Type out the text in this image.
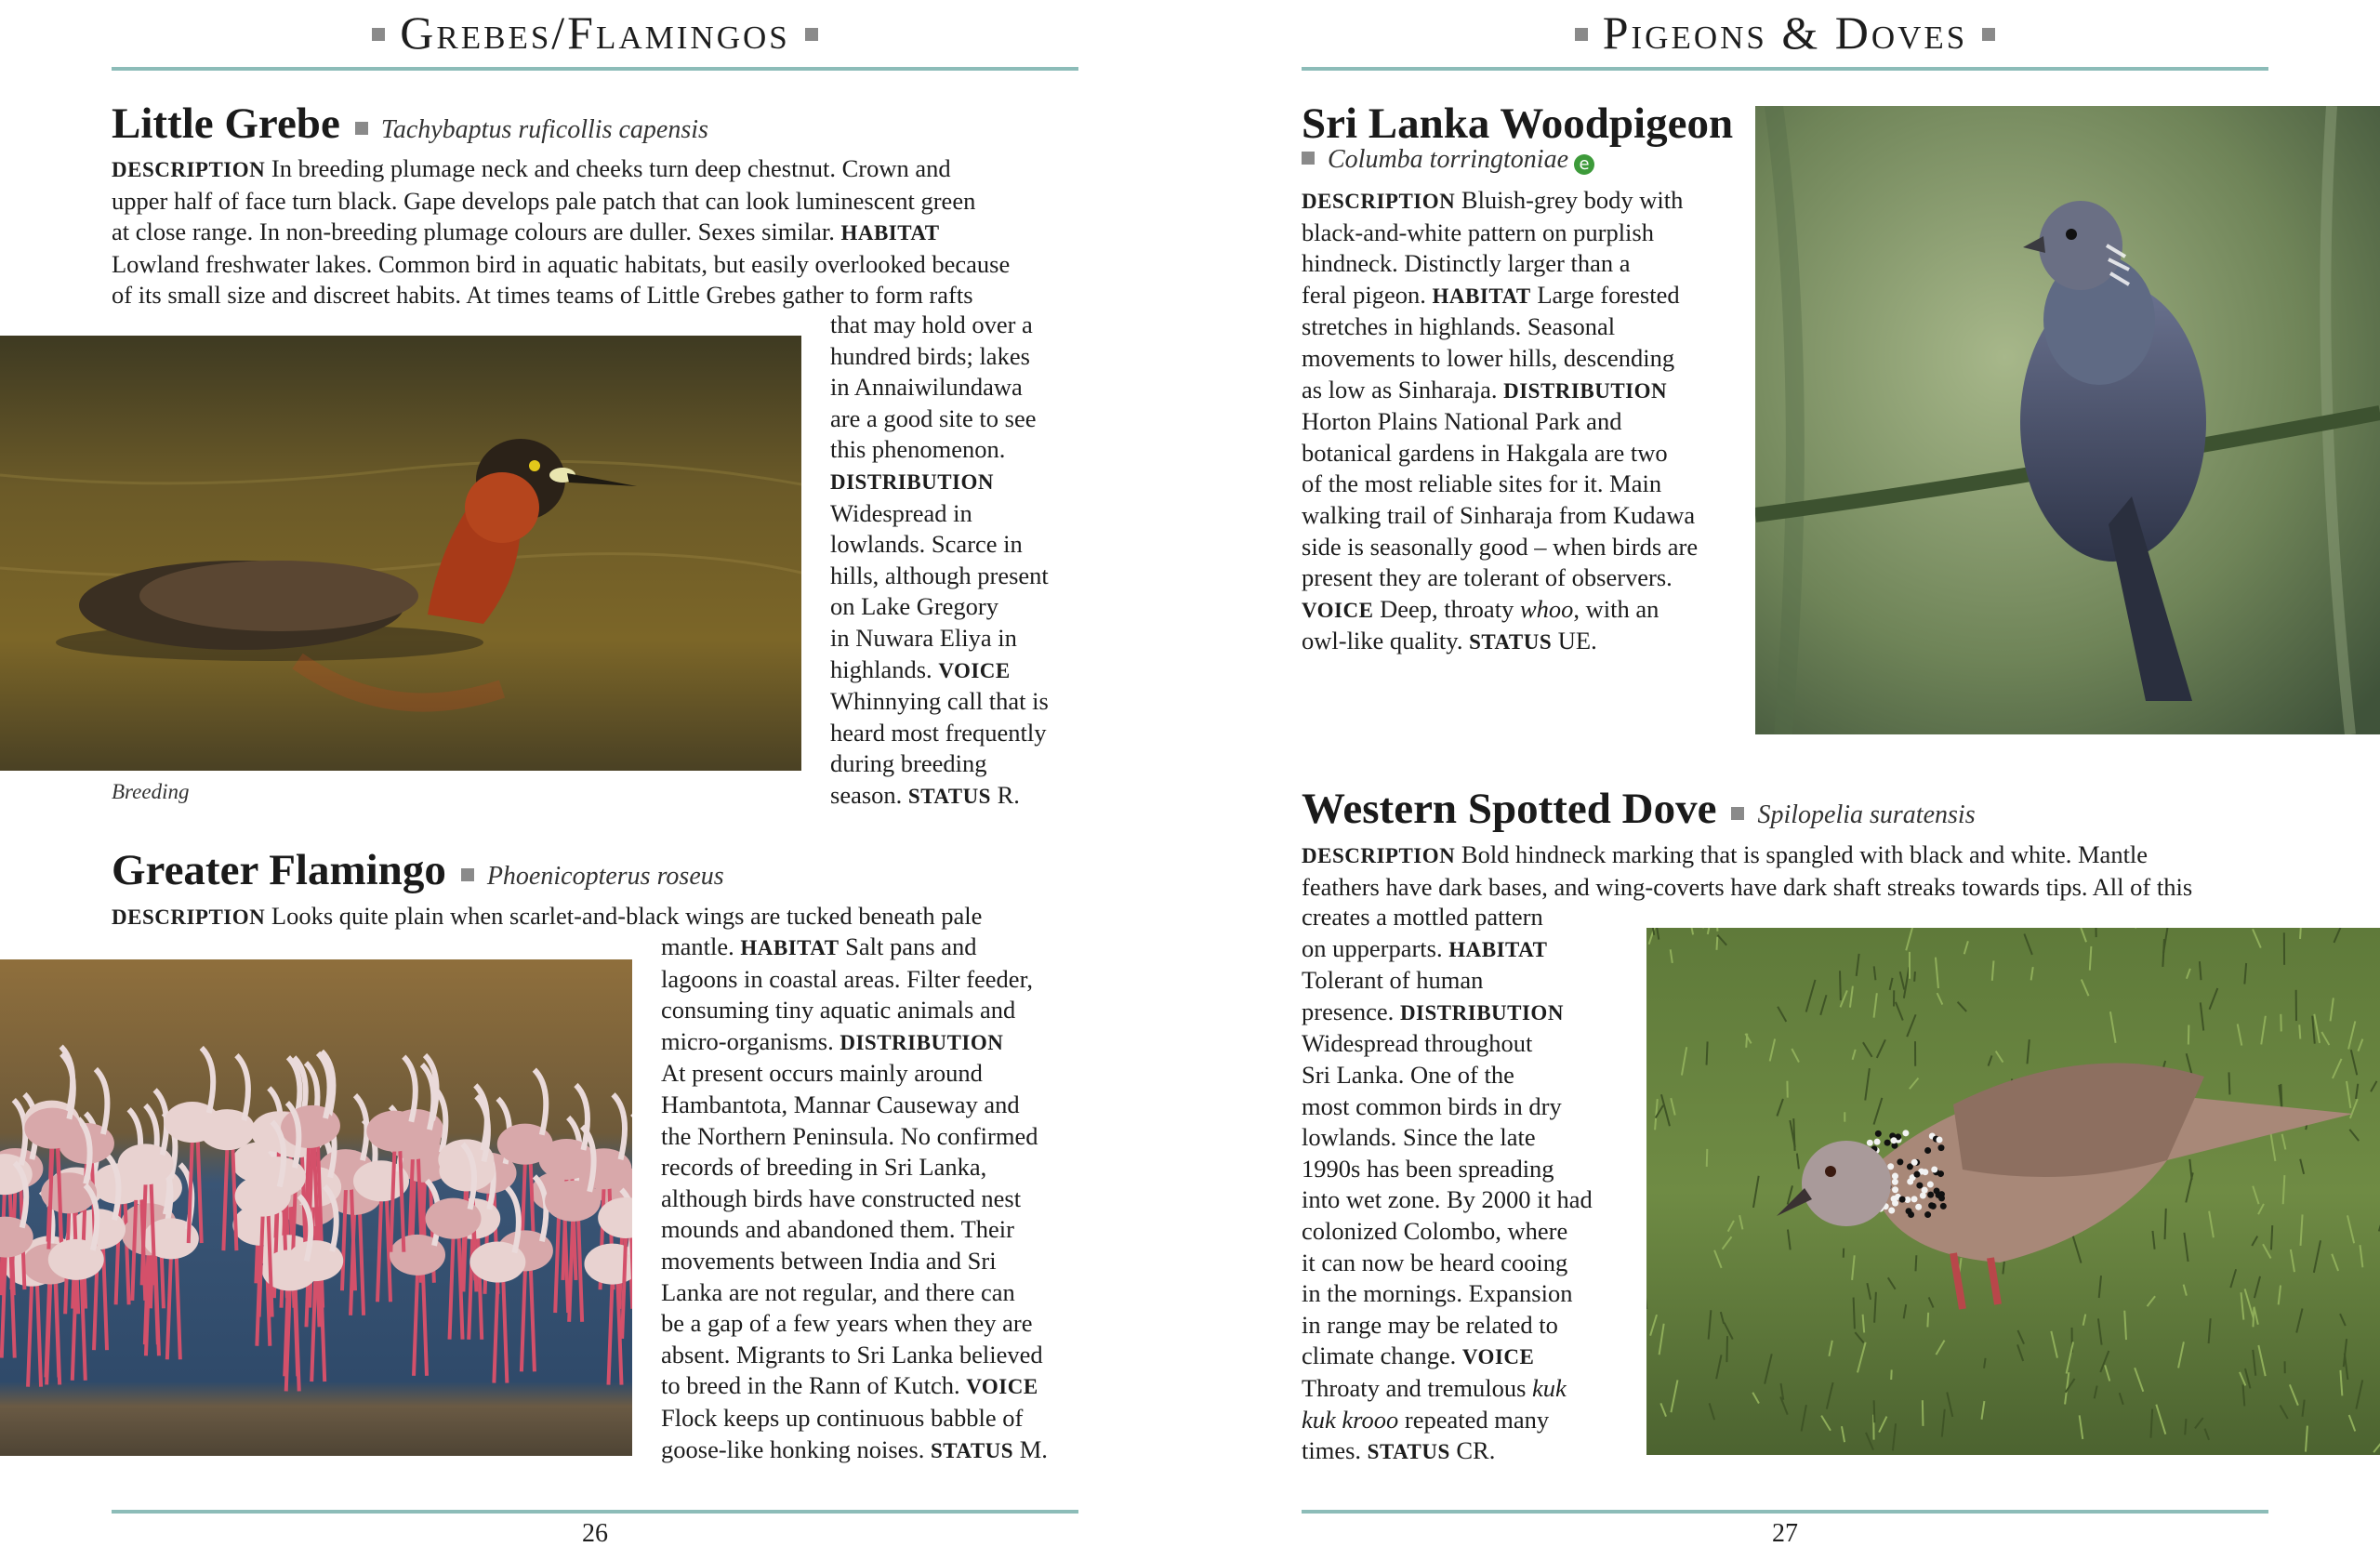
Grebes/Flamingos
Little Grebe Tachybaptus ruficollis capensis
DESCRIPTION In breeding plumage neck and cheeks turn deep chestnut. Crown and
upper half of face turn black. Gape develops pale patch that can look luminescent green
at close range. In non-breeding plumage colours are duller. Sexes similar. HABITAT
Lowland freshwater lakes. Common bird in aquatic habitats, but easily overlooked because
of its small size and discreet habits. At times teams of Little Grebes gather to form rafts
Breeding
that may hold over a
hundred birds; lakes
in Annaiwilundawa
are a good site to see
this phenomenon.
DISTRIBUTION
Widespread in
lowlands. Scarce in
hills, although present
on Lake Gregory
in Nuwara Eliya in
highlands. VOICE
Whinnying call that is
heard most frequently
during breeding
season. STATUS R.
Greater Flamingo Phoenicopterus roseus
DESCRIPTION Looks quite plain when scarlet-and-black wings are tucked beneath pale
mantle. HABITAT Salt pans and
lagoons in coastal areas. Filter feeder,
consuming tiny aquatic animals and
micro-organisms. DISTRIBUTION
At present occurs mainly around
Hambantota, Mannar Causeway and
the Northern Peninsula. No confirmed
records of breeding in Sri Lanka,
although birds have constructed nest
mounds and abandoned them. Their
movements between India and Sri
Lanka are not regular, and there can
be a gap of a few years when they are
absent. Migrants to Sri Lanka believed
to breed in the Rann of Kutch. VOICE
Flock keeps up continuous babble of
goose-like honking noises. STATUS M.
26
Pigeons & Doves
Sri Lanka Woodpigeon
Columba torringtoniae e
DESCRIPTION Bluish-grey body with
black-and-white pattern on purplish
hindneck. Distinctly larger than a
feral pigeon. HABITAT Large forested
stretches in highlands. Seasonal
movements to lower hills, descending
as low as Sinharaja. DISTRIBUTION
Horton Plains National Park and
botanical gardens in Hakgala are two
of the most reliable sites for it. Main
walking trail of Sinharaja from Kudawa
side is seasonally good – when birds are
present they are tolerant of observers.
VOICE Deep, throaty whoo, with an
owl-like quality. STATUS UE.
Western Spotted Dove Spilopelia suratensis
DESCRIPTION Bold hindneck marking that is spangled with black and white. Mantle
feathers have dark bases, and wing-coverts have dark shaft streaks towards tips. All of this
creates a mottled pattern
on upperparts. HABITAT
Tolerant of human
presence. DISTRIBUTION
Widespread throughout
Sri Lanka. One of the
most common birds in dry
lowlands. Since the late
1990s has been spreading
into wet zone. By 2000 it had
colonized Colombo, where
it can now be heard cooing
in the mornings. Expansion
in range may be related to
climate change. VOICE
Throaty and tremulous kuk
kuk krooo repeated many
times. STATUS CR.
27
